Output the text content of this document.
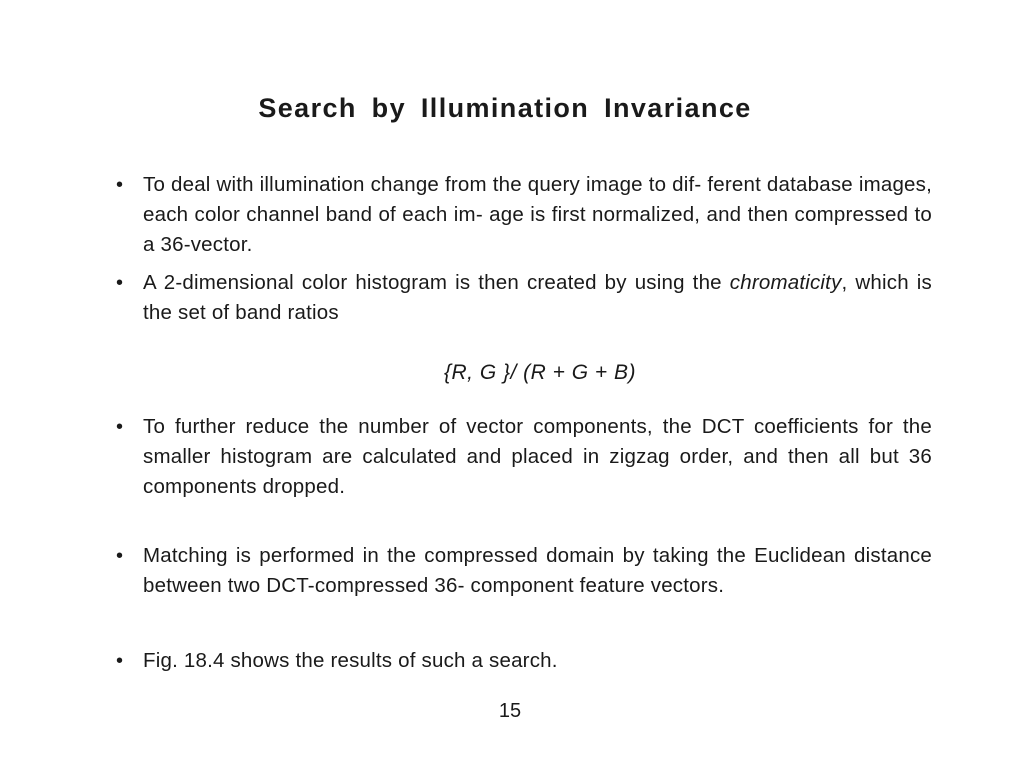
Search by Illumination Invariance
• To deal with illumination change from the query image to dif- ferent database images, each color channel band of each im- age is first normalized, and then compressed to a 36-vector.
• A 2-dimensional color histogram is then created by using the chromaticity, which is the set of band ratios
• To further reduce the number of vector components, the DCT coefficients for the smaller histogram are calculated and placed in zigzag order, and then all but 36 components dropped.
• Matching is performed in the compressed domain by taking the Euclidean distance between two DCT-compressed 36- component feature vectors.
• Fig. 18.4 shows the results of such a search.
{R, G }/ (R + G + B)
15
